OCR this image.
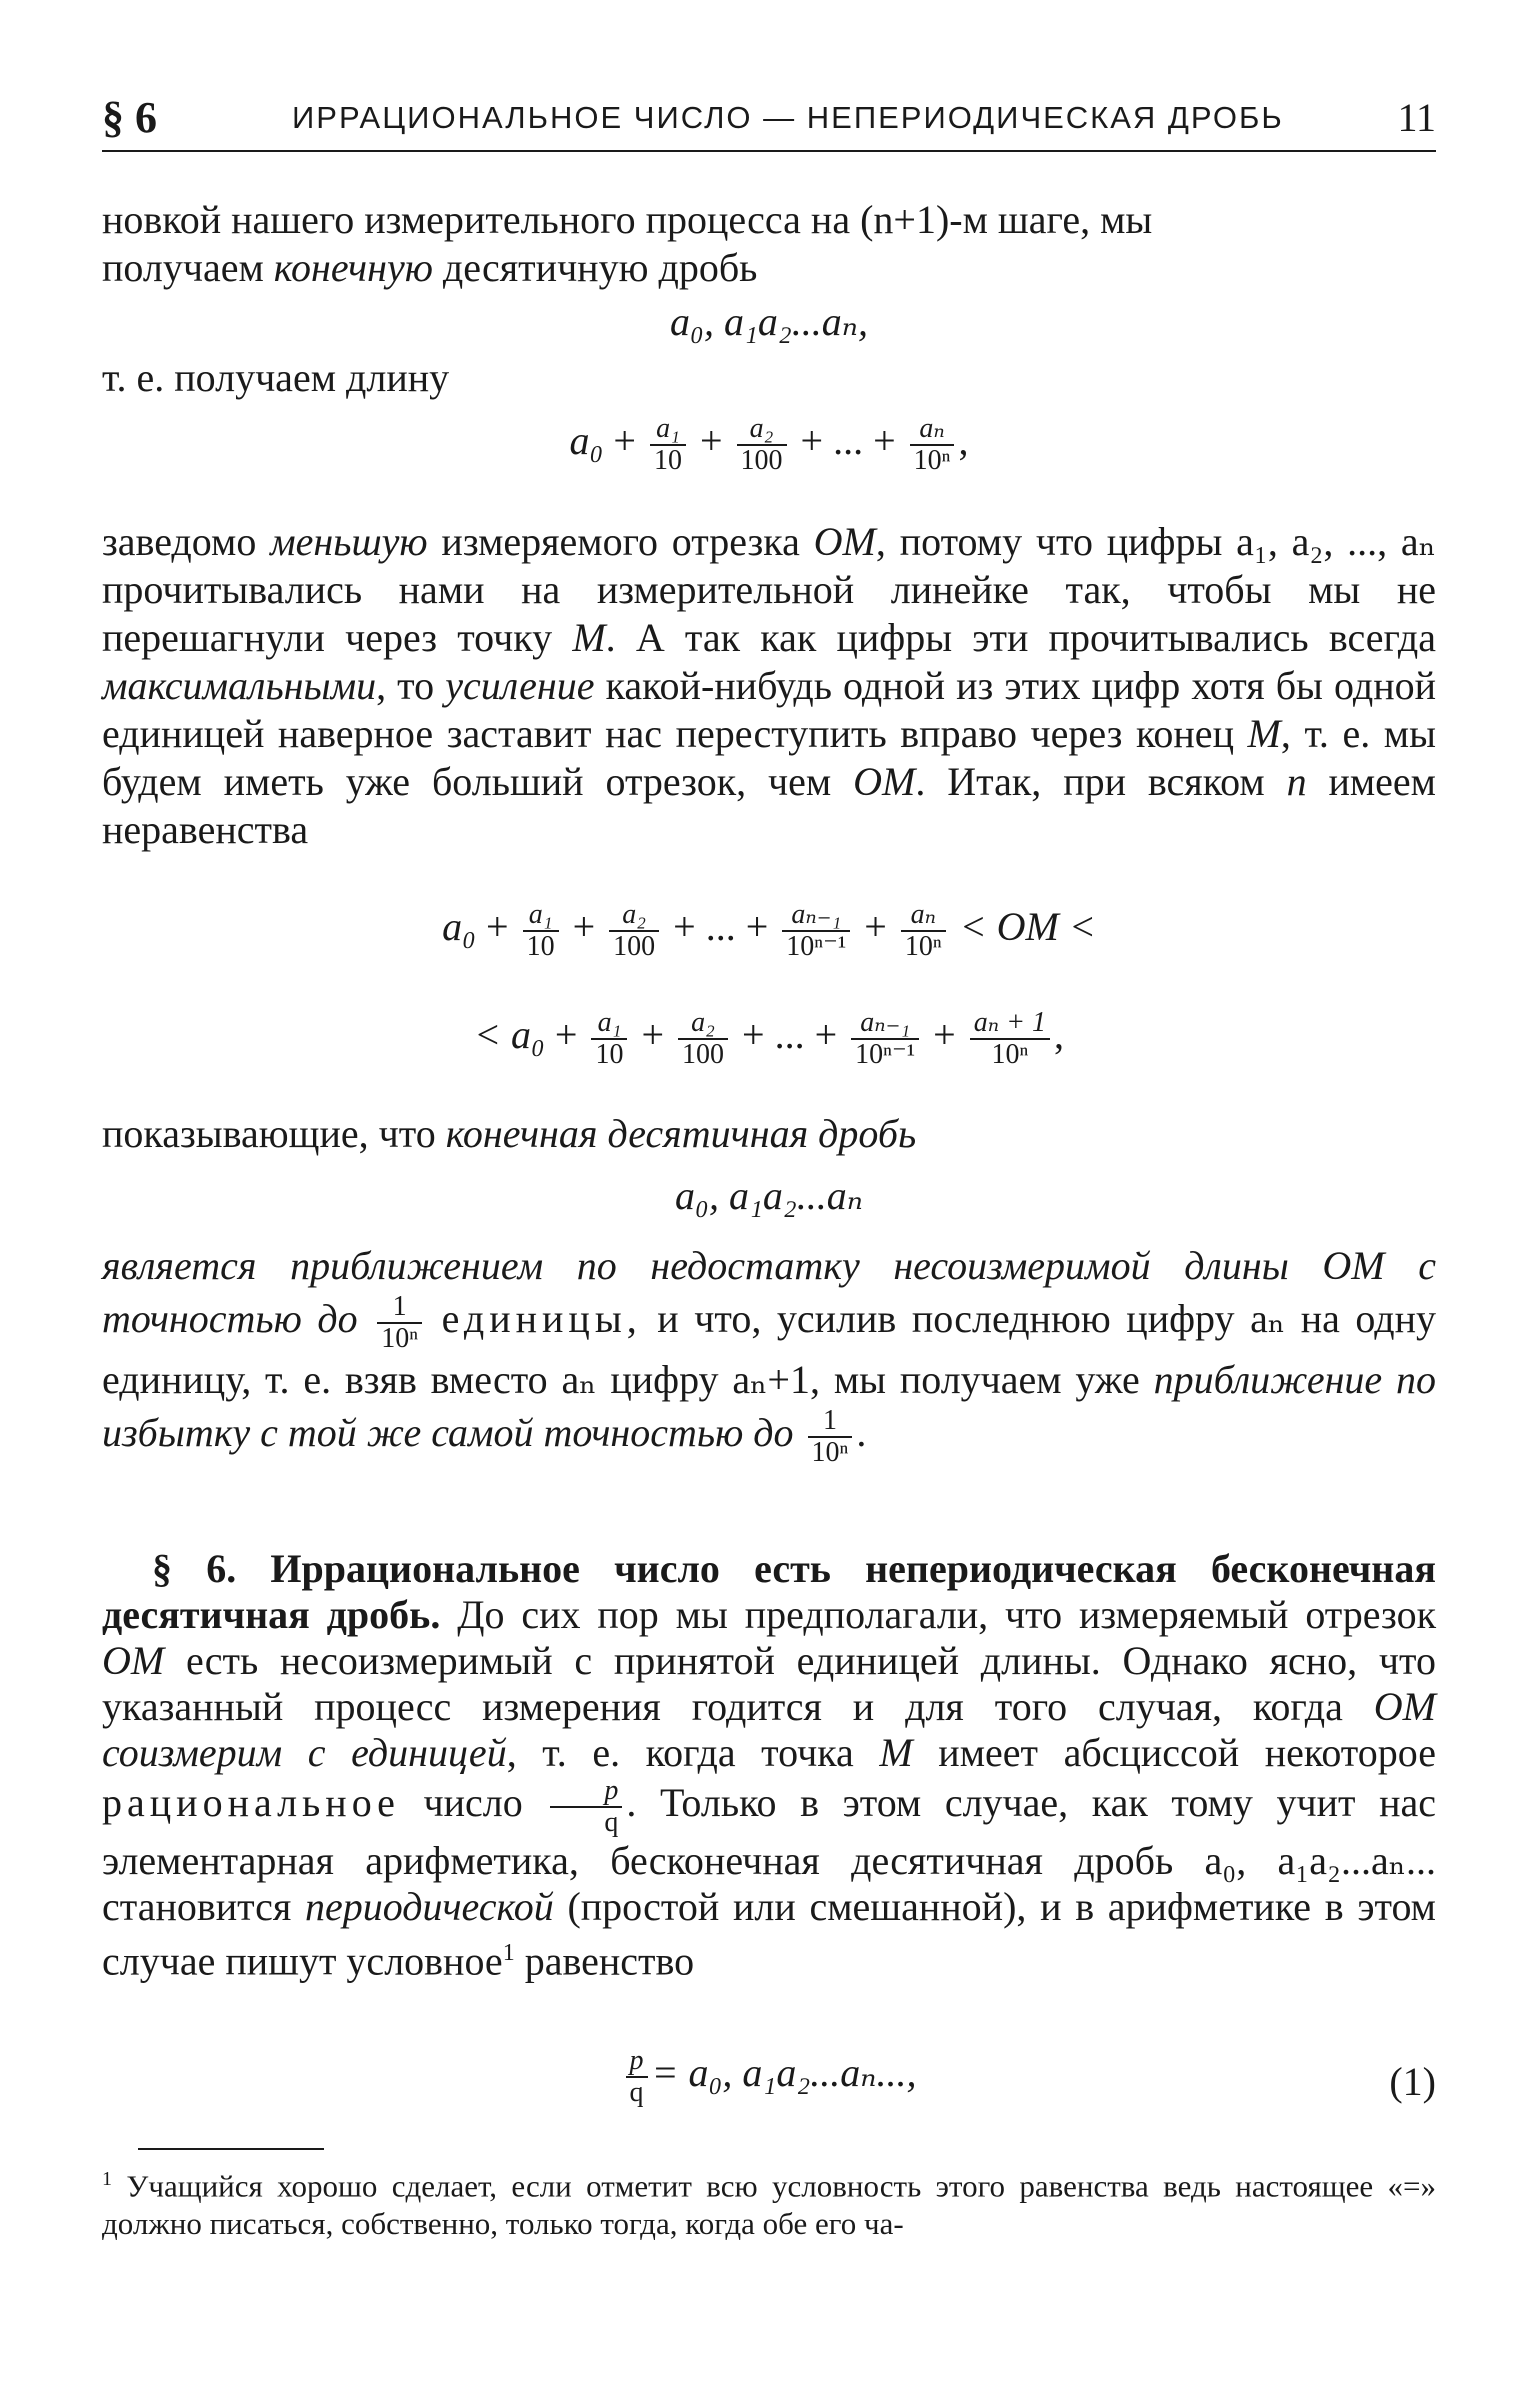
§ 6	ИРРАЦИОНАЛЬНОЕ ЧИСЛО — НЕПЕРИОДИЧЕСКАЯ ДРОБЬ	11
новкой нашего измерительного процесса на (n+1)-м шаге, мы
получаем конечную десятичную дробь
a₀, a₁a₂...aₙ,
т. е. получаем длину
$a_0 + \frac{\text{a₁}}{10} + \frac{\text{a₂}}{100}$ + ... + $\frac{\text{aₙ}}{\text{10ⁿ}}$ ,
заведомо меньшую измеряемого отрезка OM, потому что цифры a₁, a₂, ..., aₙ прочитывались нами на измерительной линейке так, чтобы мы не перешагнули через точку M. А так как цифры эти прочитывались всегда максимальными, то усиление какой-нибудь одной из этих цифр хотя бы одной единицей наверное заставит нас переступить вправо через конец M, т. е. мы будем иметь уже больший отрезок, чем OM. Итак, при всяком n имеем неравенства
$a_0 + \frac{\text{a₁}}{10} + \frac{\text{a₂}}{100}$ + ... + $\frac{\text{aₙ₋₁}}{\text{10ⁿ⁻¹}} + \frac{\text{aₙ}}{\text{10ⁿ}}$ < OM <
< $a_0 + \frac{\text{a₁}}{10} + \frac{\text{a₂}}{100}$ + ... + $\frac{\text{aₙ₋₁}}{\text{10ⁿ⁻¹}} + \frac{\text{aₙ + 1}}{\text{10ⁿ}}$ ,
показывающие, что конечная десятичная дробь
a₀, a₁a₂...aₙ
является приближением по недостатку несоизмеримой длины OM с точностью до $\frac{1}{\text{10ⁿ}}$ единицы, и что, усилив последнюю цифру aₙ на одну единицу, т. е. взяв вместо aₙ цифру aₙ+1, мы получаем уже приближение по избытку с той же самой точностью до $\frac{1}{\text{10ⁿ}}$ .
§ 6. Иррациональное число есть непериодическая бесконечная десятичная дробь. До сих пор мы предполагали, что измеряемый отрезок OM есть несоизмеримый с принятой единицей длины. Однако ясно, что указанный процесс измерения годится и для того случая, когда OM соизмерим с единицей, т. е. когда точка M имеет абсциссой некоторое рациональное число $\frac{p}{q}$ . Только в этом случае, как тому учит нас элементарная арифметика, бесконечная десятичная дробь a₀, a₁a₂...aₙ... становится периодической (простой или смешанной), и в арифметике в этом случае пишут условное$^1$ равенство
$\frac{p}{q} = a_0$, a₁a₂...aₙ...,	(1)
$^1$ Учащийся хорошо сделает, если отметит всю условность этого равенства ведь настоящее «=» должно писаться, собственно, только тогда, когда обе его ча-
